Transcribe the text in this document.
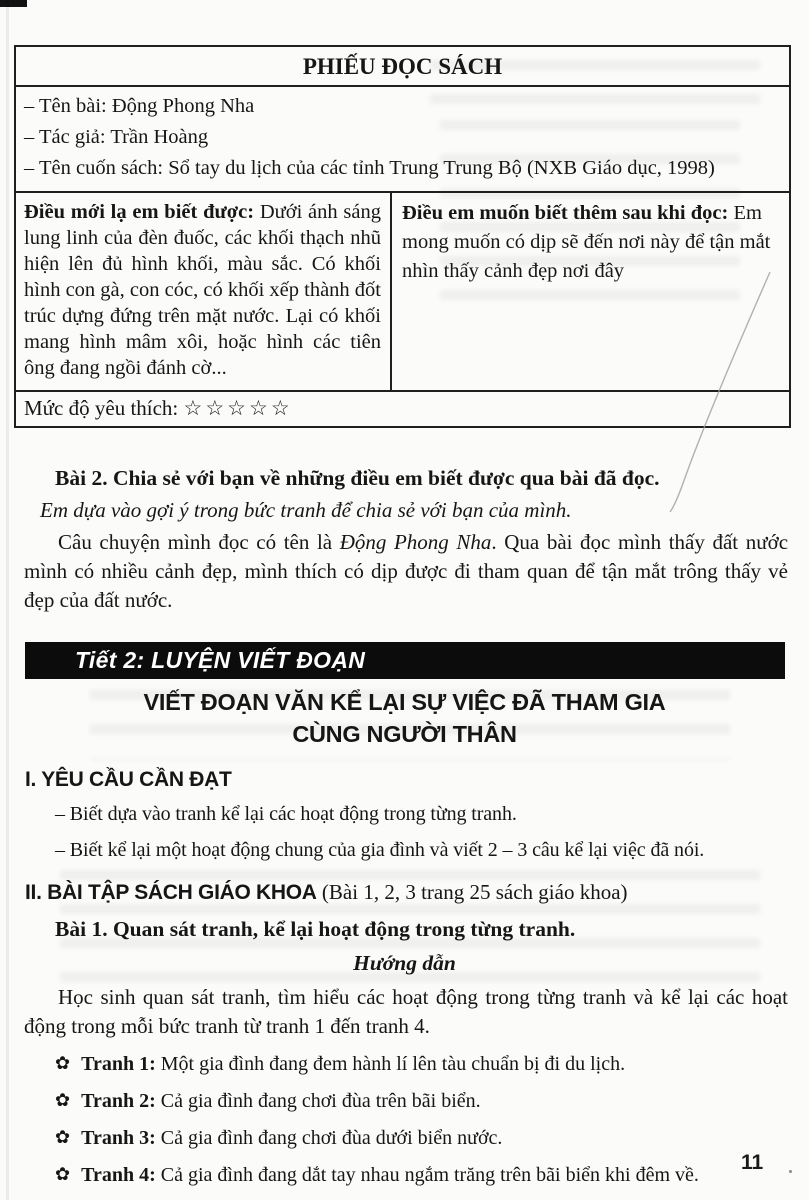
PHIẾU ĐỌC SÁCH

– Tên bài: Động Phong Nha

– Tác giả: Trần Hoàng

– Tên cuốn sách: Sổ tay du lịch của các tỉnh Trung Trung Bộ (NXB Giáo dục, 1998)

Điều mới lạ em biết được: Dưới ánh sáng lung linh của đèn đuốc, các khối thạch nhũ hiện lên đủ hình khối, màu sắc. Có khối hình con gà, con cóc, có khối xếp thành đốt trúc dựng đứng trên mặt nước. Lại có khối mang hình mâm xôi, hoặc hình các tiên ông đang ngồi đánh cờ...
Điều em muốn biết thêm sau khi đọc: Em mong muốn có dịp sẽ đến nơi này để tận mắt nhìn thấy cảnh đẹp nơi đây
Mức độ yêu thích: ☆☆☆☆☆

Bài 2. Chia sẻ với bạn về những điều em biết được qua bài đã đọc.

Em dựa vào gợi ý trong bức tranh để chia sẻ với bạn của mình.

Câu chuyện mình đọc có tên là Động Phong Nha. Qua bài đọc mình thấy đất nước mình có nhiều cảnh đẹp, mình thích có dịp được đi tham quan để tận mắt trông thấy vẻ đẹp của đất nước.

Tiết 2: LUYỆN VIẾT ĐOẠN
VIẾT ĐOẠN VĂN KỂ LẠI SỰ VIỆC ĐÃ THAM GIA
CÙNG NGƯỜI THÂN

I. YÊU CẦU CẦN ĐẠT

– Biết dựa vào tranh kể lại các hoạt động trong từng tranh.

– Biết kể lại một hoạt động chung của gia đình và viết 2 – 3 câu kể lại việc đã nói.

II. BÀI TẬP SÁCH GIÁO KHOA (Bài 1, 2, 3 trang 25 sách giáo khoa)

Bài 1. Quan sát tranh, kể lại hoạt động trong từng tranh.

Hướng dẫn

Học sinh quan sát tranh, tìm hiểu các hoạt động trong từng tranh và kể lại các hoạt động trong mỗi bức tranh từ tranh 1 đến tranh 4.

✿ Tranh 1: Một gia đình đang đem hành lí lên tàu chuẩn bị đi du lịch.

✿ Tranh 2: Cả gia đình đang chơi đùa trên bãi biển.

✿ Tranh 3: Cả gia đình đang chơi đùa dưới biển nước.

✿ Tranh 4: Cả gia đình đang dắt tay nhau ngắm trăng trên bãi biển khi đêm về.

11
